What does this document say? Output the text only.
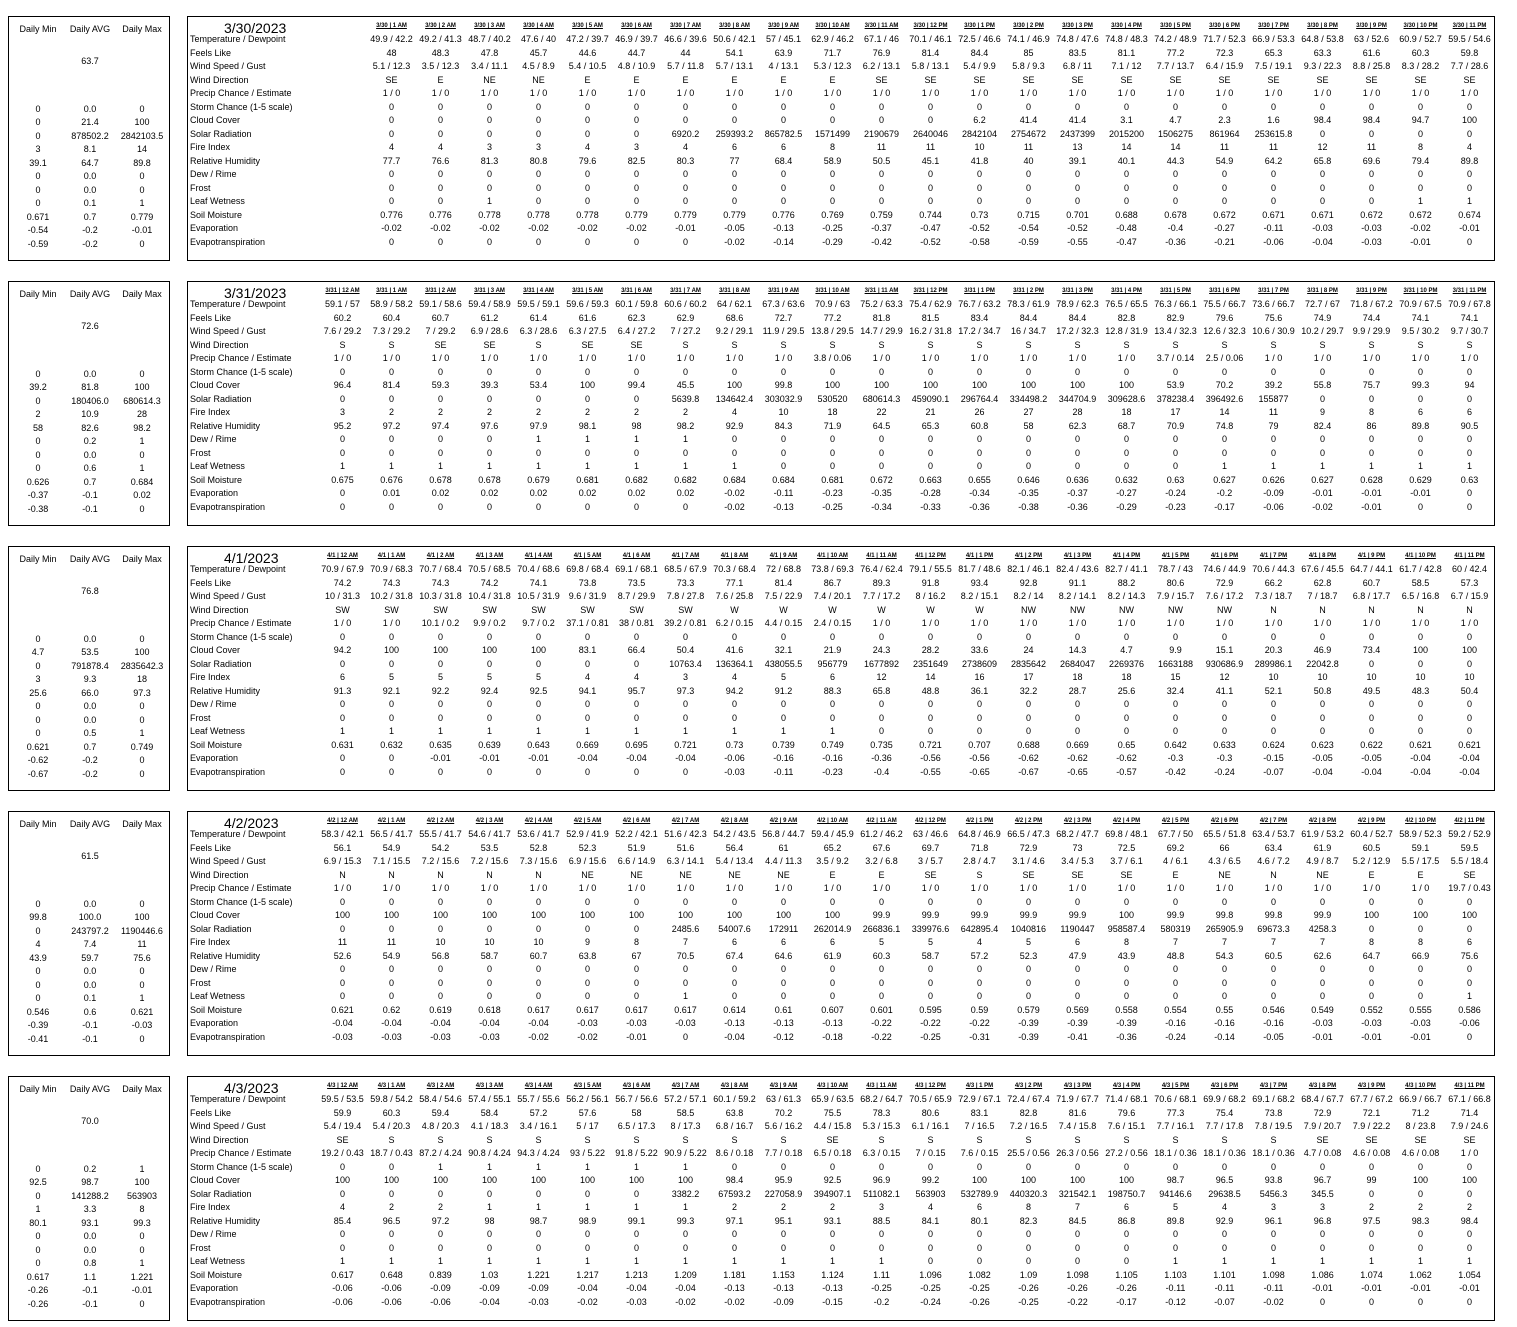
Daily Min	Daily AVG	Daily Max
63.7
0	0.0	0
0	21.4	100
0	878502.2	2842103.5
3	8.1	14
39.1	64.7	89.8
0	0.0	0
0	0.0	0
0	0.1	1
0.671	0.7	0.779
-0.54	-0.2	-0.01
-0.59	-0.2	0
3/30/2023	3/30 | 1 AM	3/30 | 2 AM	3/30 | 3 AM	3/30 | 4 AM	3/30 | 5 AM	3/30 | 6 AM	3/30 | 7 AM	3/30 | 8 AM	3/30 | 9 AM	3/30 | 10 AM	3/30 | 11 AM	3/30 | 12 PM	3/30 | 1 PM	3/30 | 2 PM	3/30 | 3 PM	3/30 | 4 PM	3/30 | 5 PM	3/30 | 6 PM	3/30 | 7 PM	3/30 | 8 PM	3/30 | 9 PM	3/30 | 10 PM	3/30 | 11 PM
Temperature / Dewpoint	49.9 / 42.2 49.2 / 41.3 48.7 / 40.2	47.6 / 40	47.2 / 39.7 46.9 / 39.7 46.6 / 39.6 50.6 / 42.1	57 / 45.1	62.9 / 46.2	67.1 / 46	70.1 / 46.1 72.5 / 46.6 74.1 / 46.9 74.8 / 47.6 74.8 / 48.3 74.2 / 48.9 71.7 / 52.3 66.9 / 53.3 64.8 / 53.8	63 / 52.6	60.9 / 52.7 59.5 / 54.6
Feels Like	48	48.3	47.8	45.7	44.6	44.7	44	54.1	63.9	71.7	76.9	81.4	84.4	85	83.5	81.1	77.2	72.3	65.3	63.3	61.6	60.3	59.8
Wind Speed / Gust	5.1 / 12.3	3.5 / 12.3	3.4 / 11.1	4.5 / 8.9	5.4 / 10.5	4.8 / 10.9	5.7 / 11.8	5.7 / 13.1	4 / 13.1	5.3 / 12.3	6.2 / 13.1	5.8 / 13.1	5.4 / 9.9	5.8 / 9.3	6.8 / 11	7.1 / 12	7.7 / 13.7	6.4 / 15.9	7.5 / 19.1	9.3 / 22.3	8.8 / 25.8	8.3 / 28.2	7.7 / 28.6
Wind Direction	SE	E	NE	NE	E	E	E	E	E	E	SE	SE	SE	SE	SE	SE	SE	SE	SE	SE	SE	SE	SE
Precip Chance / Estimate	1 / 0	1 / 0	1 / 0	1 / 0	1 / 0	1 / 0	1 / 0	1 / 0	1 / 0	1 / 0	1 / 0	1 / 0	1 / 0	1 / 0	1 / 0	1 / 0	1 / 0	1 / 0	1 / 0	1 / 0	1 / 0	1 / 0	1 / 0
Storm Chance (1-5 scale)	0	0	0	0	0	0	0	0	0	0	0	0	0	0	0	0	0	0	0	0	0	0	0
Cloud Cover	0	0	0	0	0	0	0	0	0	0	0	0	6.2	41.4	41.4	3.1	4.7	2.3	1.6	98.4	98.4	94.7	100
Solar Radiation	0	0	0	0	0	0	6920.2	259393.2	865782.5	1571499	2190679	2640046	2842104	2754672	2437399	2015200	1506275	861964	253615.8	0	0	0	0
Fire Index	4	4	3	3	4	3	4	6	6	8	11	11	10	11	13	14	14	11	11	12	11	8	4
Relative Humidity	77.7	76.6	81.3	80.8	79.6	82.5	80.3	77	68.4	58.9	50.5	45.1	41.8	40	39.1	40.1	44.3	54.9	64.2	65.8	69.6	79.4	89.8
Dew / Rime	0	0	0	0	0	0	0	0	0	0	0	0	0	0	0	0	0	0	0	0	0	0	0
Frost	0	0	0	0	0	0	0	0	0	0	0	0	0	0	0	0	0	0	0	0	0	0	0
Leaf Wetness	0	0	1	0	0	0	0	0	0	0	0	0	0	0	0	0	0	0	0	0	0	1	1
Soil Moisture	0.776	0.776	0.778	0.778	0.778	0.779	0.779	0.779	0.776	0.769	0.759	0.744	0.73	0.715	0.701	0.688	0.678	0.672	0.671	0.671	0.672	0.672	0.674
Evaporation	-0.02	-0.02	-0.02	-0.02	-0.02	-0.02	-0.01	-0.05	-0.13	-0.25	-0.37	-0.47	-0.52	-0.54	-0.52	-0.48	-0.4	-0.27	-0.11	-0.03	-0.03	-0.02	-0.01
Evapotranspiration	0	0	0	0	0	0	0	-0.02	-0.14	-0.29	-0.42	-0.52	-0.58	-0.59	-0.55	-0.47	-0.36	-0.21	-0.06	-0.04	-0.03	-0.01	0
Daily Min	Daily AVG	Daily Max
72.6
0	0.0	0
39.2	81.8	100
0	180406.0	680614.3
2	10.9	28
58	82.6	98.2
0	0.2	1
0	0.0	0
0	0.6	1
0.626	0.7	0.684
-0.37	-0.1	0.02
-0.38	-0.1	0
3/31/2023	3/31 | 12 AM	3/31 | 1 AM	3/31 | 2 AM	3/31 | 3 AM	3/31 | 4 AM	3/31 | 5 AM	3/31 | 6 AM	3/31 | 7 AM	3/31 | 8 AM	3/31 | 9 AM	3/31 | 10 AM	3/31 | 11 AM	3/31 | 12 PM	3/31 | 1 PM	3/31 | 2 PM	3/31 | 3 PM	3/31 | 4 PM	3/31 | 5 PM	3/31 | 6 PM	3/31 | 7 PM	3/31 | 8 PM	3/31 | 9 PM	3/31 | 10 PM	3/31 | 11 PM
Temperature / Dewpoint	59.1 / 57	58.9 / 58.2 59.1 / 58.6 59.4 / 58.9 59.5 / 59.1 59.6 / 59.3 60.1 / 59.8 60.6 / 60.2	64 / 62.1	67.3 / 63.6	70.9 / 63	75.2 / 63.3 75.4 / 62.9 76.7 / 63.2 78.3 / 61.9 78.9 / 62.3 76.5 / 65.5 76.3 / 66.1 75.5 / 66.7 73.6 / 66.7	72.7 / 67	71.8 / 67.2 70.9 / 67.5 70.9 / 67.8
Feels Like	60.2	60.4	60.7	61.2	61.4	61.6	62.3	62.9	68.6	72.7	77.2	81.8	81.5	83.4	84.4	84.4	82.8	82.9	79.6	75.6	74.9	74.4	74.1	74.1
Wind Speed / Gust	7.6 / 29.2	7.3 / 29.2	7 / 29.2	6.9 / 28.6	6.3 / 28.6	6.3 / 27.5	6.4 / 27.2	7 / 27.2	9.2 / 29.1	11.9 / 29.5 13.8 / 29.5 14.7 / 29.9 16.2 / 31.8 17.2 / 34.7	16 / 34.7	17.2 / 32.3 12.8 / 31.9 13.4 / 32.3 12.6 / 32.3 10.6 / 30.9 10.2 / 29.7 9.9 / 29.9	9.5 / 30.2	9.7 / 30.7
Wind Direction	S	S	SE	SE	S	SE	SE	S	S	S	S	S	S	S	S	S	S	S	S	S	S	S	S	S
Precip Chance / Estimate	1 / 0	1 / 0	1 / 0	1 / 0	1 / 0	1 / 0	1 / 0	1 / 0	1 / 0	1 / 0	3.8 / 0.06	1 / 0	1 / 0	1 / 0	1 / 0	1 / 0	1 / 0	3.7 / 0.14	2.5 / 0.06	1 / 0	1 / 0	1 / 0	1 / 0	1 / 0
Storm Chance (1-5 scale)	0	0	0	0	0	0	0	0	0	0	0	0	0	0	0	0	0	0	0	0	0	0	0	0
Cloud Cover	96.4	81.4	59.3	39.3	53.4	100	99.4	45.5	100	99.8	100	100	100	100	100	100	100	53.9	70.2	39.2	55.8	75.7	99.3	94
Solar Radiation	0	0	0	0	0	0	0	5639.8	134642.4	303032.9	530520	680614.3	459090.1	296764.4	334498.2	344704.9	309628.6	378238.4	396492.6	155877	0	0	0	0
Fire Index	3	2	2	2	2	2	2	2	4	10	18	22	21	26	27	28	18	17	14	11	9	8	6	6
Relative Humidity	95.2	97.2	97.4	97.6	97.9	98.1	98	98.2	92.9	84.3	71.9	64.5	65.3	60.8	58	62.3	68.7	70.9	74.8	79	82.4	86	89.8	90.5
Dew / Rime	0	0	0	0	1	1	1	1	0	0	0	0	0	0	0	0	0	0	0	0	0	0	0	0
Frost	0	0	0	0	0	0	0	0	0	0	0	0	0	0	0	0	0	0	0	0	0	0	0	0
Leaf Wetness	1	1	1	1	1	1	1	1	1	0	0	0	0	0	0	0	0	0	1	1	1	1	1	1
Soil Moisture	0.675	0.676	0.678	0.678	0.679	0.681	0.682	0.682	0.684	0.684	0.681	0.672	0.663	0.655	0.646	0.636	0.632	0.63	0.627	0.626	0.627	0.628	0.629	0.63
Evaporation	0	0.01	0.02	0.02	0.02	0.02	0.02	0.02	-0.02	-0.11	-0.23	-0.35	-0.28	-0.34	-0.35	-0.37	-0.27	-0.24	-0.2	-0.09	-0.01	-0.01	-0.01	0
Evapotranspiration	0	0	0	0	0	0	0	0	-0.02	-0.13	-0.25	-0.34	-0.33	-0.36	-0.38	-0.36	-0.29	-0.23	-0.17	-0.06	-0.02	-0.01	0	0
Daily Min	Daily AVG	Daily Max
76.8
0	0.0	0
4.7	53.5	100
0	791878.4	2835642.3
3	9.3	18
25.6	66.0	97.3
0	0.0	0
0	0.0	0
0	0.5	1
0.621	0.7	0.749
-0.62	-0.2	0
-0.67	-0.2	0
4/1/2023	4/1 | 12 AM	4/1 | 1 AM	4/1 | 2 AM	4/1 | 3 AM	4/1 | 4 AM	4/1 | 5 AM	4/1 | 6 AM	4/1 | 7 AM	4/1 | 8 AM	4/1 | 9 AM	4/1 | 10 AM	4/1 | 11 AM	4/1 | 12 PM	4/1 | 1 PM	4/1 | 2 PM	4/1 | 3 PM	4/1 | 4 PM	4/1 | 5 PM	4/1 | 6 PM	4/1 | 7 PM	4/1 | 8 PM	4/1 | 9 PM	4/1 | 10 PM	4/1 | 11 PM
Temperature / Dewpoint	70.9 / 67.9 70.9 / 68.3 70.7 / 68.4 70.5 / 68.5 70.4 / 68.6 69.8 / 68.4 69.1 / 68.1 68.5 / 67.9 70.3 / 68.4	72 / 68.8	73.8 / 69.3 76.4 / 62.4 79.1 / 55.5 81.7 / 48.6 82.1 / 46.1 82.4 / 43.6 82.7 / 41.1	78.7 / 43	74.6 / 44.9 70.6 / 44.3 67.6 / 45.5 64.7 / 44.1 61.7 / 42.8	60 / 42.4
Feels Like	74.2	74.3	74.3	74.2	74.1	73.8	73.5	73.3	77.1	81.4	86.7	89.3	91.8	93.4	92.8	91.1	88.2	80.6	72.9	66.2	62.8	60.7	58.5	57.3
Wind Speed / Gust	10 / 31.3	10.2 / 31.8 10.3 / 31.8 10.4 / 31.8 10.5 / 31.9 9.6 / 31.9	8.7 / 29.9	7.8 / 27.8	7.6 / 25.8	7.5 / 22.9	7.4 / 20.1	7.7 / 17.2	8 / 16.2	8.2 / 15.1	8.2 / 14	8.2 / 14.1	8.2 / 14.3	7.9 / 15.7	7.6 / 17.2	7.3 / 18.7	7 / 18.7	6.8 / 17.7	6.5 / 16.8	6.7 / 15.9
Wind Direction	SW	SW	SW	SW	SW	SW	SW	SW	W	W	W	W	W	W	NW	NW	NW	NW	NW	N	N	N	N	N
Precip Chance / Estimate	1 / 0	1 / 0	10.1 / 0.2	9.9 / 0.2	9.7 / 0.2	37.1 / 0.81	38 / 0.81	39.2 / 0.81 6.2 / 0.15	4.4 / 0.15	2.4 / 0.15	1 / 0	1 / 0	1 / 0	1 / 0	1 / 0	1 / 0	1 / 0	1 / 0	1 / 0	1 / 0	1 / 0	1 / 0	1 / 0
Storm Chance (1-5 scale)	0	0	0	0	0	0	0	0	0	0	0	0	0	0	0	0	0	0	0	0	0	0	0	0
Cloud Cover	94.2	100	100	100	100	83.1	66.4	50.4	41.6	32.1	21.9	24.3	28.2	33.6	24	14.3	4.7	9.9	15.1	20.3	46.9	73.4	100	100
Solar Radiation	0	0	0	0	0	0	0	10763.4	136364.1	438055.5	956779	1677892	2351649	2738609	2835642	2684047	2269376	1663188	930686.9	289986.1	22042.8	0	0	0
Fire Index	6	5	5	5	5	4	4	3	4	5	6	12	14	16	17	18	18	15	12	10	10	10	10	10
Relative Humidity	91.3	92.1	92.2	92.4	92.5	94.1	95.7	97.3	94.2	91.2	88.3	65.8	48.8	36.1	32.2	28.7	25.6	32.4	41.1	52.1	50.8	49.5	48.3	50.4
Dew / Rime	0	0	0	0	0	0	0	0	0	0	0	0	0	0	0	0	0	0	0	0	0	0	0	0
Frost	0	0	0	0	0	0	0	0	0	0	0	0	0	0	0	0	0	0	0	0	0	0	0	0
Leaf Wetness	1	1	1	1	1	1	1	1	1	1	1	0	0	0	0	0	0	0	0	0	0	0	0	0
Soil Moisture	0.631	0.632	0.635	0.639	0.643	0.669	0.695	0.721	0.73	0.739	0.749	0.735	0.721	0.707	0.688	0.669	0.65	0.642	0.633	0.624	0.623	0.622	0.621	0.621
Evaporation	0	0	-0.01	-0.01	-0.01	-0.04	-0.04	-0.04	-0.06	-0.16	-0.16	-0.36	-0.56	-0.56	-0.62	-0.62	-0.62	-0.3	-0.3	-0.15	-0.05	-0.05	-0.04	-0.04
Evapotranspiration	0	0	0	0	0	0	0	0	-0.03	-0.11	-0.23	-0.4	-0.55	-0.65	-0.67	-0.65	-0.57	-0.42	-0.24	-0.07	-0.04	-0.04	-0.04	-0.04
Daily Min	Daily AVG	Daily Max
61.5
0	0.0	0
99.8	100.0	100
0	243797.2	1190446.6
4	7.4	11
43.9	59.7	75.6
0	0.0	0
0	0.0	0
0	0.1	1
0.546	0.6	0.621
-0.39	-0.1	-0.03
-0.41	-0.1	0
4/2/2023	4/2 | 12 AM	4/2 | 1 AM	4/2 | 2 AM	4/2 | 3 AM	4/2 | 4 AM	4/2 | 5 AM	4/2 | 6 AM	4/2 | 7 AM	4/2 | 8 AM	4/2 | 9 AM	4/2 | 10 AM	4/2 | 11 AM	4/2 | 12 PM	4/2 | 1 PM	4/2 | 2 PM	4/2 | 3 PM	4/2 | 4 PM	4/2 | 5 PM	4/2 | 6 PM	4/2 | 7 PM	4/2 | 8 PM	4/2 | 9 PM	4/2 | 10 PM	4/2 | 11 PM
Temperature / Dewpoint	58.3 / 42.1 56.5 / 41.7 55.5 / 41.7 54.6 / 41.7 53.6 / 41.7 52.9 / 41.9 52.2 / 42.1 51.6 / 42.3 54.2 / 43.5 56.8 / 44.7 59.4 / 45.9 61.2 / 46.2	63 / 46.6	64.8 / 46.9 66.5 / 47.3 68.2 / 47.7 69.8 / 48.1	67.7 / 50	65.5 / 51.8 63.4 / 53.7 61.9 / 53.2 60.4 / 52.7 58.9 / 52.3 59.2 / 52.9
Feels Like	56.1	54.9	54.2	53.5	52.8	52.3	51.9	51.6	56.4	61	65.2	67.6	69.7	71.8	72.9	73	72.5	69.2	66	63.4	61.9	60.5	59.1	59.5
Wind Speed / Gust	6.9 / 15.3	7.1 / 15.5	7.2 / 15.6	7.2 / 15.6	7.3 / 15.6	6.9 / 15.6	6.6 / 14.9	6.3 / 14.1	5.4 / 13.4	4.4 / 11.3	3.5 / 9.2	3.2 / 6.8	3 / 5.7	2.8 / 4.7	3.1 / 4.6	3.4 / 5.3	3.7 / 6.1	4 / 6.1	4.3 / 6.5	4.6 / 7.2	4.9 / 8.7	5.2 / 12.9	5.5 / 17.5	5.5 / 18.4
Wind Direction	N	N	N	N	N	NE	NE	NE	NE	NE	E	E	SE	S	SE	SE	SE	E	NE	N	NE	E	E	SE
Precip Chance / Estimate	1 / 0	1 / 0	1 / 0	1 / 0	1 / 0	1 / 0	1 / 0	1 / 0	1 / 0	1 / 0	1 / 0	1 / 0	1 / 0	1 / 0	1 / 0	1 / 0	1 / 0	1 / 0	1 / 0	1 / 0	1 / 0	1 / 0	1 / 0	19.7 / 0.43
Storm Chance (1-5 scale)	0	0	0	0	0	0	0	0	0	0	0	0	0	0	0	0	0	0	0	0	0	0	0	0
Cloud Cover	100	100	100	100	100	100	100	100	100	100	100	99.9	99.9	99.9	99.9	99.9	100	99.9	99.8	99.8	99.9	100	100	100
Solar Radiation	0	0	0	0	0	0	0	2485.6	54007.6	172911	262014.9	266836.1	339976.6	642895.4	1040816	1190447	958587.4	580319	265905.9	69673.3	4258.3	0	0	0
Fire Index	11	11	10	10	10	9	8	7	6	6	6	5	5	4	5	6	8	7	7	7	7	8	8	6
Relative Humidity	52.6	54.9	56.8	58.7	60.7	63.8	67	70.5	67.4	64.6	61.9	60.3	58.7	57.2	52.3	47.9	43.9	48.8	54.3	60.5	62.6	64.7	66.9	75.6
Dew / Rime	0	0	0	0	0	0	0	0	0	0	0	0	0	0	0	0	0	0	0	0	0	0	0	0
Frost	0	0	0	0	0	0	0	0	0	0	0	0	0	0	0	0	0	0	0	0	0	0	0	0
Leaf Wetness	0	0	0	0	0	0	0	1	0	0	0	0	0	0	0	0	0	0	0	0	0	0	0	1
Soil Moisture	0.621	0.62	0.619	0.618	0.617	0.617	0.617	0.617	0.614	0.61	0.607	0.601	0.595	0.59	0.579	0.569	0.558	0.554	0.55	0.546	0.549	0.552	0.555	0.586
Evaporation	-0.04	-0.04	-0.04	-0.04	-0.04	-0.03	-0.03	-0.03	-0.13	-0.13	-0.13	-0.22	-0.22	-0.22	-0.39	-0.39	-0.39	-0.16	-0.16	-0.16	-0.03	-0.03	-0.03	-0.06
Evapotranspiration	-0.03	-0.03	-0.03	-0.03	-0.02	-0.02	-0.01	0	-0.04	-0.12	-0.18	-0.22	-0.25	-0.31	-0.39	-0.41	-0.36	-0.24	-0.14	-0.05	-0.01	-0.01	-0.01	0
Daily Min	Daily AVG	Daily Max
70.0
0	0.2	1
92.5	98.7	100
0	141288.2	563903
1	3.3	8
80.1	93.1	99.3
0	0.0	0
0	0.0	0
0	0.8	1
0.617	1.1	1.221
-0.26	-0.1	-0.01
-0.26	-0.1	0
4/3/2023	4/3 | 12 AM	4/3 | 1 AM	4/3 | 2 AM	4/3 | 3 AM	4/3 | 4 AM	4/3 | 5 AM	4/3 | 6 AM	4/3 | 7 AM	4/3 | 8 AM	4/3 | 9 AM	4/3 | 10 AM	4/3 | 11 AM	4/3 | 12 PM	4/3 | 1 PM	4/3 | 2 PM	4/3 | 3 PM	4/3 | 4 PM	4/3 | 5 PM	4/3 | 6 PM	4/3 | 7 PM	4/3 | 8 PM	4/3 | 9 PM	4/3 | 10 PM	4/3 | 11 PM
Temperature / Dewpoint	59.5 / 53.5 59.8 / 54.2 58.4 / 54.6 57.4 / 55.1 55.7 / 55.6 56.2 / 56.1 56.7 / 56.6 57.2 / 57.1 60.1 / 59.2	63 / 61.3	65.9 / 63.5 68.2 / 64.7 70.5 / 65.9 72.9 / 67.1 72.4 / 67.4 71.9 / 67.7 71.4 / 68.1 70.6 / 68.1 69.9 / 68.2 69.1 / 68.2 68.4 / 67.7 67.7 / 67.2 66.9 / 66.7 67.1 / 66.8
Feels Like	59.9	60.3	59.4	58.4	57.2	57.6	58	58.5	63.8	70.2	75.5	78.3	80.6	83.1	82.8	81.6	79.6	77.3	75.4	73.8	72.9	72.1	71.2	71.4
Wind Speed / Gust	5.4 / 19.4	5.4 / 20.3	4.8 / 20.3	4.1 / 18.3	3.4 / 16.1	5 / 17	6.5 / 17.3	8 / 17.3	6.8 / 16.7	5.6 / 16.2	4.4 / 15.8	5.3 / 15.3	6.1 / 16.1	7 / 16.5	7.2 / 16.5	7.4 / 15.8	7.6 / 15.1	7.7 / 16.1	7.7 / 17.8	7.8 / 19.5	7.9 / 20.7	7.9 / 22.2	8 / 23.8	7.9 / 24.6
Wind Direction	SE	S	S	S	S	S	S	S	S	S	SE	S	S	S	S	S	S	S	S	S	SE	SE	SE	SE
Precip Chance / Estimate	19.2 / 0.43 18.7 / 0.43 87.2 / 4.24 90.8 / 4.24 94.3 / 4.24	93 / 5.22	91.8 / 5.22 90.9 / 5.22 8.6 / 0.18	7.7 / 0.18	6.5 / 0.18	6.3 / 0.15	7 / 0.15	7.6 / 0.15 25.5 / 0.56 26.3 / 0.56 27.2 / 0.56 18.1 / 0.36 18.1 / 0.36 18.1 / 0.36 4.7 / 0.08	4.6 / 0.08	4.6 / 0.08	1 / 0
Storm Chance (1-5 scale)	0	0	1	1	1	1	1	1	0	0	0	0	0	0	0	0	0	0	0	0	0	0	0	0
Cloud Cover	100	100	100	100	100	100	100	100	98.4	95.9	92.5	96.9	99.2	100	100	100	100	98.7	96.5	93.8	96.7	99	100	100
Solar Radiation	0	0	0	0	0	0	0	3382.2	67593.2	227058.9	394907.1	511082.1	563903	532789.9	440320.3	321542.1	198750.7	94146.6	29638.5	5456.3	345.5	0	0	0
Fire Index	4	2	2	1	1	1	1	1	2	2	2	3	4	6	8	7	6	5	4	3	3	2	2	2
Relative Humidity	85.4	96.5	97.2	98	98.7	98.9	99.1	99.3	97.1	95.1	93.1	88.5	84.1	80.1	82.3	84.5	86.8	89.8	92.9	96.1	96.8	97.5	98.3	98.4
Dew / Rime	0	0	0	0	0	0	0	0	0	0	0	0	0	0	0	0	0	0	0	0	0	0	0	0
Frost	0	0	0	0	0	0	0	0	0	0	0	0	0	0	0	0	0	0	0	0	0	0	0	0
Leaf Wetness	1	1	1	1	1	1	1	1	1	1	1	1	0	0	0	0	0	1	1	1	1	1	1	1
Soil Moisture	0.617	0.648	0.839	1.03	1.221	1.217	1.213	1.209	1.181	1.153	1.124	1.11	1.096	1.082	1.09	1.098	1.105	1.103	1.101	1.098	1.086	1.074	1.062	1.054
Evaporation	-0.06	-0.06	-0.09	-0.09	-0.09	-0.04	-0.04	-0.04	-0.13	-0.13	-0.13	-0.25	-0.25	-0.25	-0.26	-0.26	-0.26	-0.11	-0.11	-0.11	-0.01	-0.01	-0.01	-0.01
Evapotranspiration	-0.06	-0.06	-0.06	-0.04	-0.03	-0.02	-0.03	-0.02	-0.02	-0.09	-0.15	-0.2	-0.24	-0.26	-0.25	-0.22	-0.17	-0.12	-0.07	-0.02	0	0	0	0
